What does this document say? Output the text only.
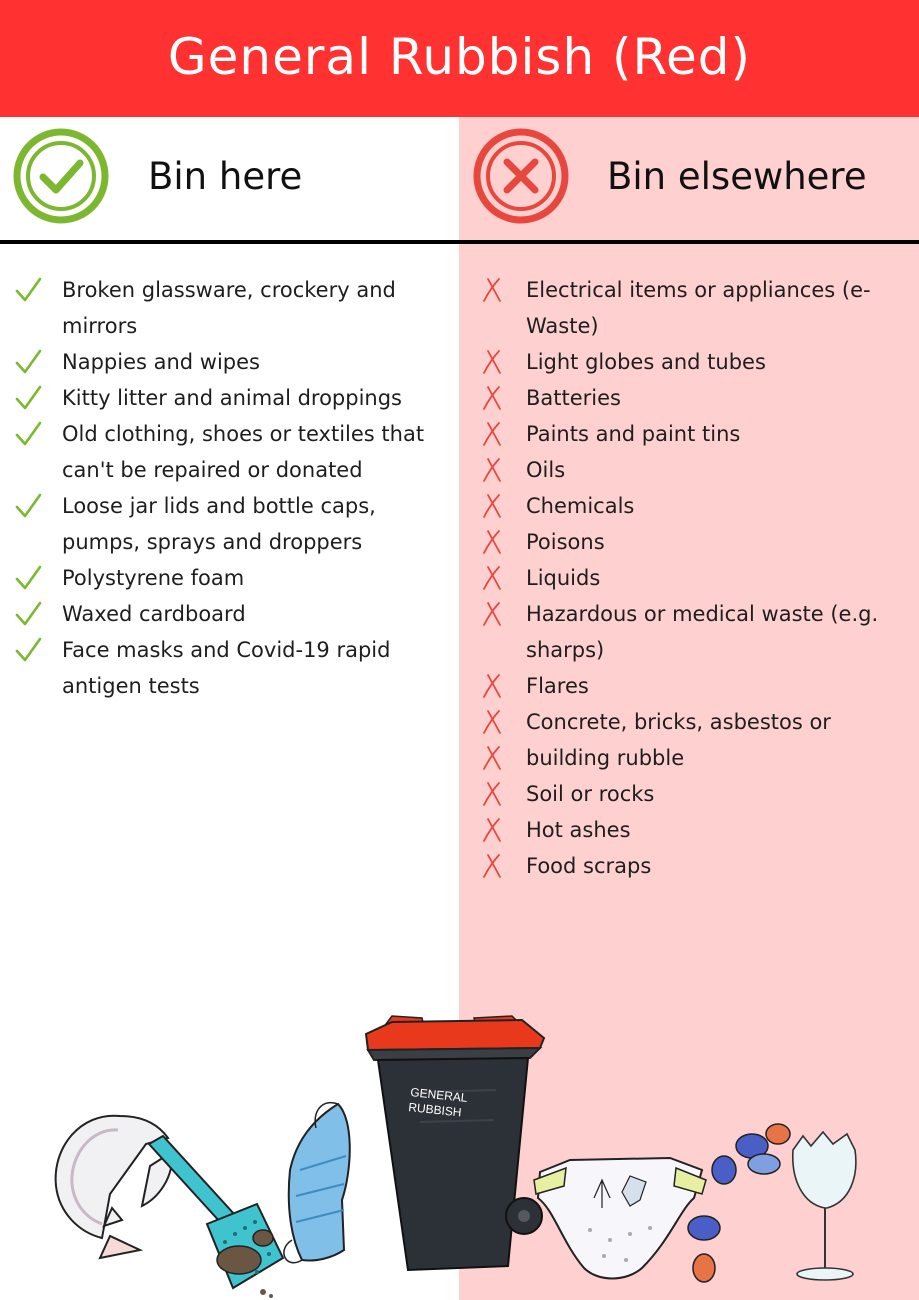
General Rubbish (Red)
Bin here	Bin elsewhere
Broken glassware, crockery and mirrors
Nappies and wipes
Kitty litter and animal droppings
Old clothing, shoes or textiles that can't be repaired or donated
Loose jar lids and bottle caps, pumps, sprays and droppers
Polystyrene foam
Waxed cardboard
Face masks and Covid-19 rapid antigen tests
Electrical items or appliances (e-Waste)
Light globes and tubes
Batteries
Paints and paint tins
Oils
Chemicals
Poisons
Liquids
Hazardous or medical waste (e.g. sharps)
Flares
Concrete, bricks, asbestos or
building rubble
Soil or rocks
Hot ashes
Food scraps
GENERAL
RUBBISH
